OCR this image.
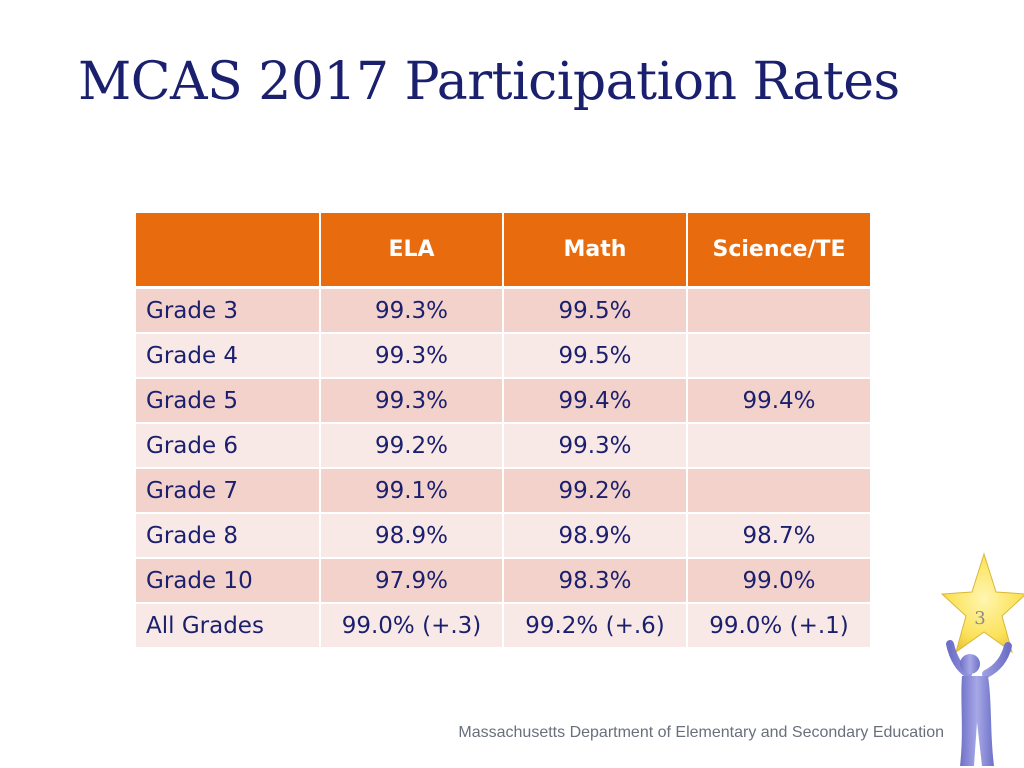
MCAS 2017 Participation Rates
	ELA	Math	Science/TE
Grade 3	99.3%	99.5%	
Grade 4	99.3%	99.5%	
Grade 5	99.3%	99.4%	99.4%
Grade 6	99.2%	99.3%	
Grade 7	99.1%	99.2%	
Grade 8	98.9%	98.9%	98.7%
Grade 10	97.9%	98.3%	99.0%
All Grades	99.0% (+.3)	99.2% (+.6)	99.0% (+.1)
Massachusetts Department of Elementary and Secondary Education
3
